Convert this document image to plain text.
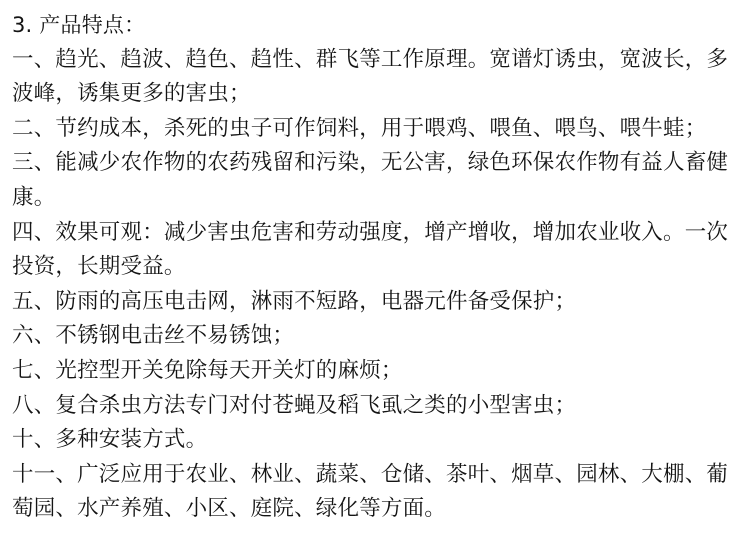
3. 产品特点：

一、趋光、趋波、趋色、趋性、群飞等工作原理。宽谱灯诱虫，宽波长，多波峰，诱集更多的害虫；

二、节约成本，杀死的虫子可作饲料，用于喂鸡、喂鱼、喂鸟、喂牛蛙；

三、能减少农作物的农药残留和污染，无公害，绿色环保农作物有益人畜健康。

四、效果可观：减少害虫危害和劳动强度，增产增收，增加农业收入。一次投资，长期受益。

五、防雨的高压电击网，淋雨不短路，电器元件备受保护；

六、不锈钢电击丝不易锈蚀；

七、光控型开关免除每天开关灯的麻烦；

八、复合杀虫方法专门对付苍蝇及稻飞虱之类的小型害虫；

十、多种安装方式。

十一、广泛应用于农业、林业、蔬菜、仓储、茶叶、烟草、园林、大棚、葡萄园、水产养殖、小区、庭院、绿化等方面。
